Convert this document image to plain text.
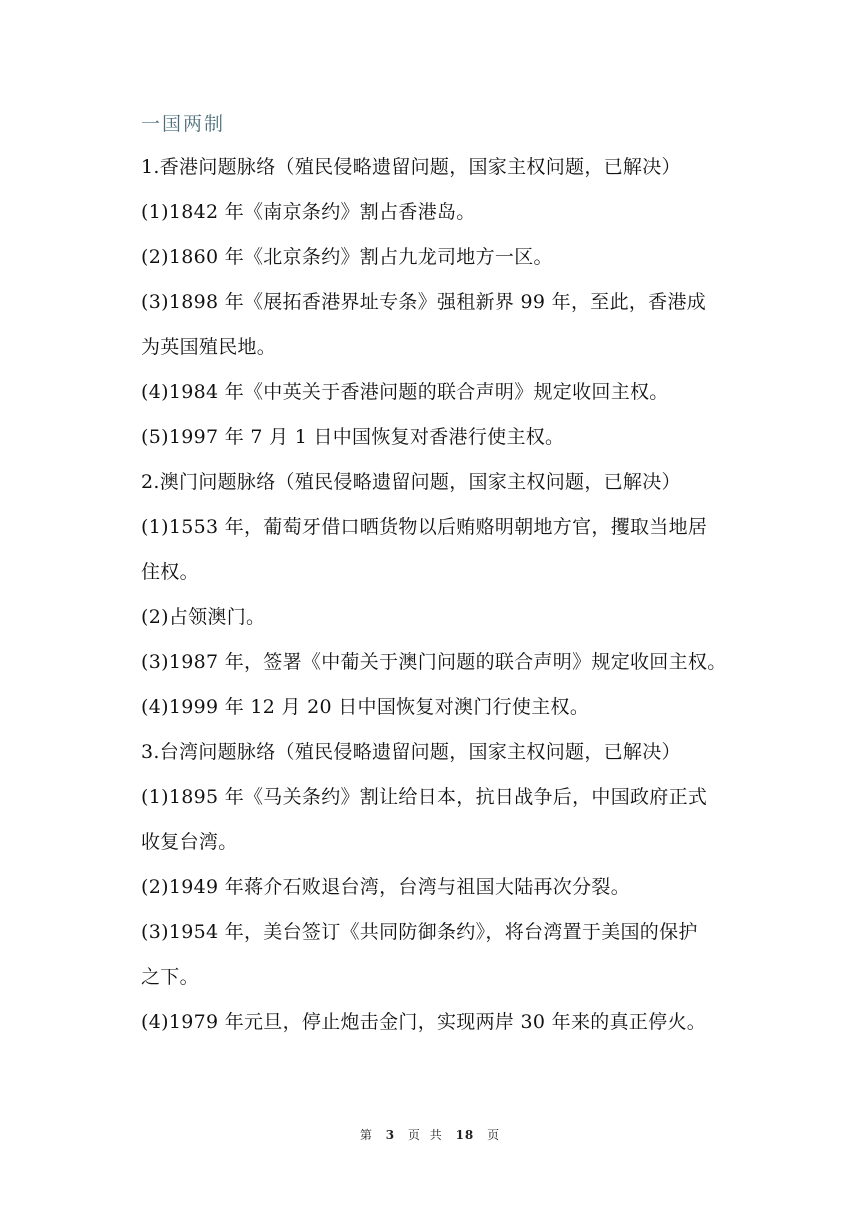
一国两制
1.香港问题脉络（殖民侵略遗留问题，国家主权问题，已解决）
(1)1842 年《南京条约》割占香港岛。
(2)1860 年《北京条约》割占九龙司地方一区。
(3)1898 年《展拓香港界址专条》强租新界 99 年，至此，香港成
为英国殖民地。
(4)1984 年《中英关于香港问题的联合声明》规定收回主权。
(5)1997 年 7 月 1 日中国恢复对香港行使主权。
2.澳门问题脉络（殖民侵略遗留问题，国家主权问题，已解决）
(1)1553 年，葡萄牙借口晒货物以后贿赂明朝地方官，攫取当地居
住权。
(2)占领澳门。
(3)1987 年，签署《中葡关于澳门问题的联合声明》规定收回主权。
(4)1999 年 12 月 20 日中国恢复对澳门行使主权。
3.台湾问题脉络（殖民侵略遗留问题，国家主权问题，已解决）
(1)1895 年《马关条约》割让给日本，抗日战争后，中国政府正式
收复台湾。
(2)1949 年蒋介石败退台湾，台湾与祖国大陆再次分裂。
(3)1954 年，美台签订《共同防御条约》，将台湾置于美国的保护
之下。
(4)1979 年元旦，停止炮击金门，实现两岸 30 年来的真正停火。
第 3 页 共 18 页
